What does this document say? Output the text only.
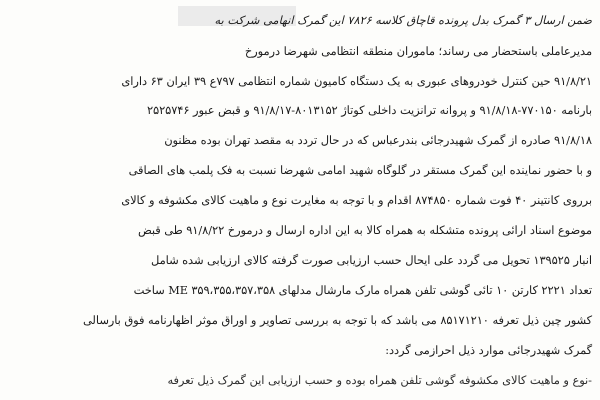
ضمن ارسال ۳ گمرک بدل پرونده قاچاق کلاسه ۷۸۲۶ این گمرک انهامی شرکت به
مدیرعاملی باستحضار می رساند؛ ماموران منطقه انتظامی شهرضا درمورخ
۹۱/۸/۲۱ حین کنترل خودروهای عبوری به یک دستگاه کامیون شماره انتظامی ۷۹۷ع ۳۹ ایران ۶۳ دارای
بارنامه ۷۷۰۱۵۰-۹۱/۸/۱۸ و پروانه ترانزیت داخلی کوتاژ ۸۰۱۳۱۵۲-۹۱/۸/۱۷ و قبض عبور ۲۵۲۵۷۴۶
۹۱/۸/۱۸ صادره از گمرک شهیدرجائی بندرعباس که در حال تردد به مقصد تهران بوده مظنون
و با حضور نماینده این گمرک مستقر در گلوگاه شهید امامی شهرضا نسبت به فک پلمب های الصاقی
برروی کانتینر ۴۰ فوت شماره ۸۷۴۸۵۰ اقدام و با توجه به مغایرت نوع و ماهیت کالای مکشوفه و کالای
موضوع اسناد ارائی پرونده متشکله به همراه کالا به این اداره ارسال و درمورخ ۹۱/۸/۲۲ طی قبض
انبار ۱۳۹۵۲۵ تحویل می گردد علی ایحال حسب ارزیابی صورت گرفته کالای ارزیابی شده شامل
تعداد ۲۲۲۱ کارتن ۱۰ تائی گوشی تلفن همراه مارک مارشال مدلهای ME ۳۵۹،۳۵۵،۳۵۷،۳۵۸ ساخت
کشور چین ذیل تعرفه ۸۵۱۷۱۲۱۰ می باشد که با توجه به بررسی تصاویر و اوراق موثر اظهارنامه فوق بارسالی
گمرک شهیدرجائی موارد ذیل احرازمی گردد:
-نوع و ماهیت کالای مکشوفه گوشی تلفن همراه بوده و حسب ارزیابی این گمرک ذیل تعرفه
